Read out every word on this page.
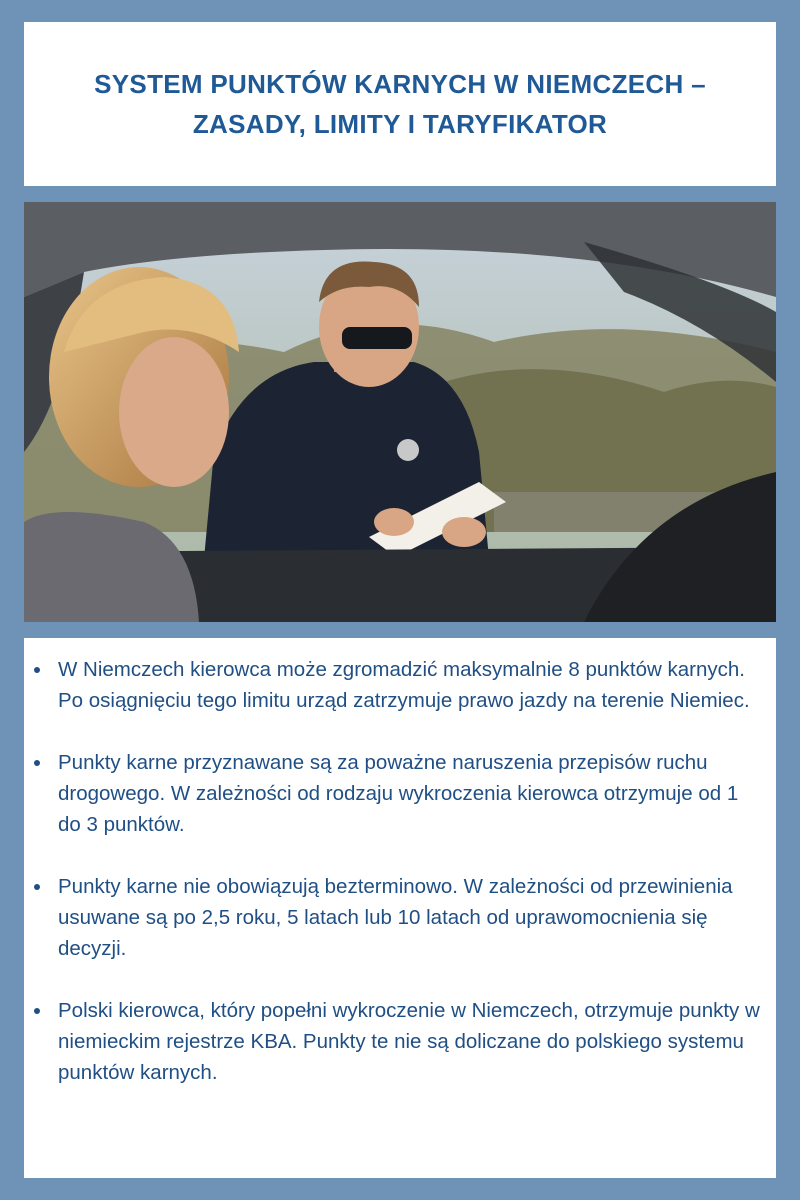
SYSTEM PUNKTÓW KARNYCH W NIEMCZECH –
ZASADY, LIMITY I TARYFIKATOR
W Niemczech kierowca może zgromadzić maksymalnie 8 punktów karnych. Po osiągnięciu tego limitu urząd zatrzymuje prawo jazdy na terenie Niemiec.
Punkty karne przyznawane są za poważne naruszenia przepisów ruchu drogowego. W zależności od rodzaju wykroczenia kierowca otrzymuje od 1 do 3 punktów.
Punkty karne nie obowiązują bezterminowo. W zależności od przewinienia usuwane są po 2,5 roku, 5 latach lub 10 latach od uprawomocnienia się decyzji.
Polski kierowca, który popełni wykroczenie w Niemczech, otrzymuje punkty w niemieckim rejestrze KBA. Punkty te nie są doliczane do polskiego systemu punktów karnych.
